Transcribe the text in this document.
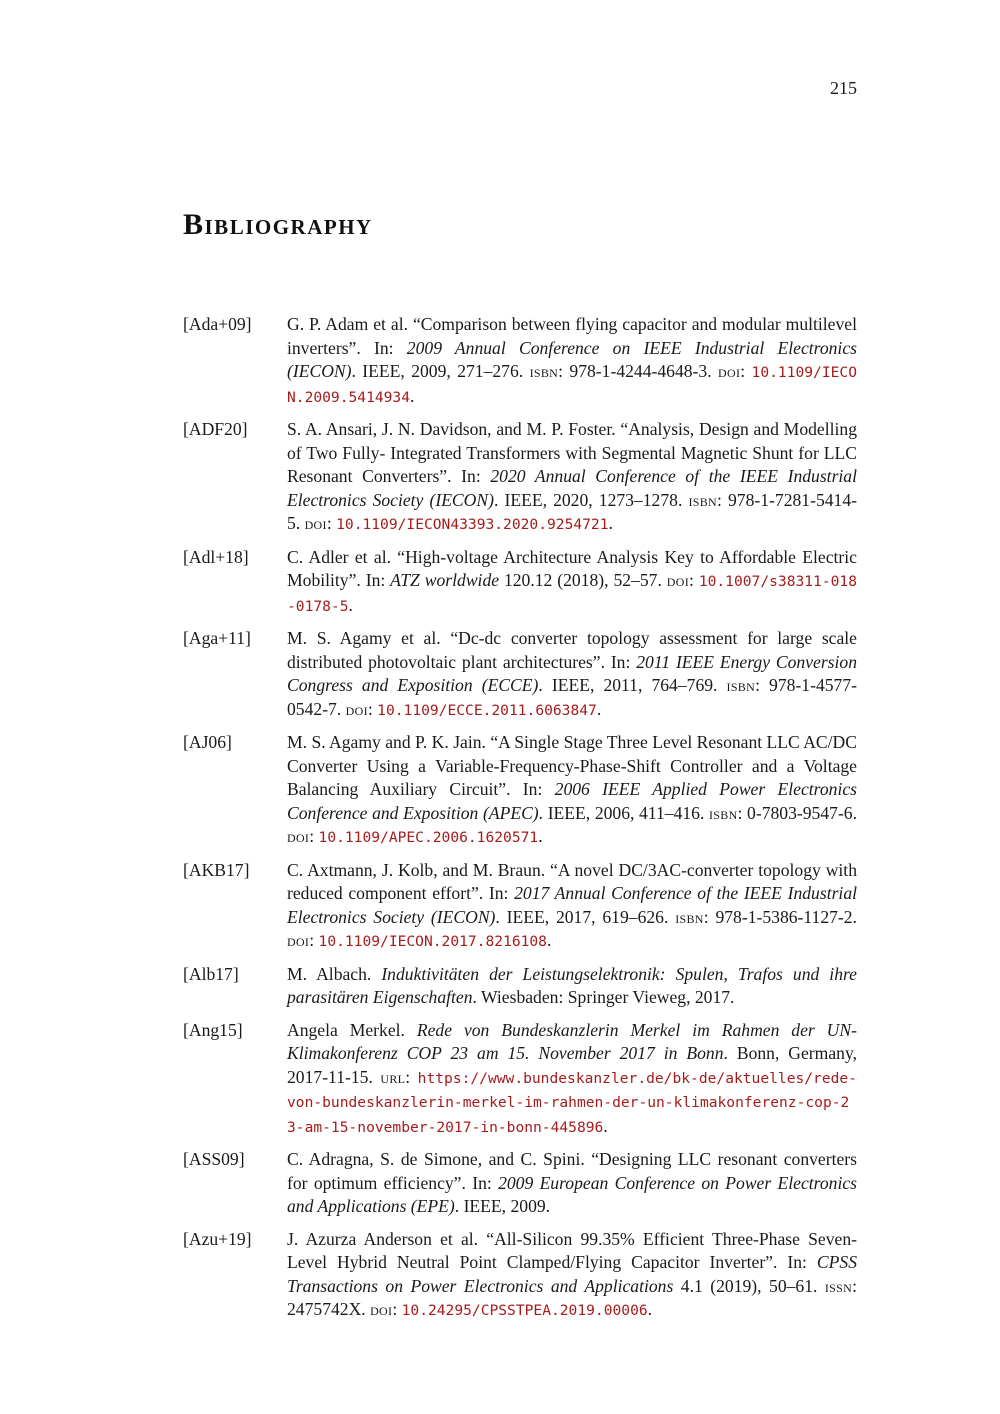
215
Bibliography
[Ada+09]	G. P. Adam et al. “Comparison between flying capacitor and modular multilevel inverters”. In: 2009 Annual Conference on IEEE Industrial Electronics (IECON). IEEE, 2009, 271–276. isbn: 978-1-4244-4648-3. doi: 10.1109/IECON.2009.5414934.
[ADF20]	S. A. Ansari, J. N. Davidson, and M. P. Foster. “Analysis, Design and Modelling of Two Fully- Integrated Transformers with Segmental Magnetic Shunt for LLC Resonant Converters”. In: 2020 Annual Conference of the IEEE Industrial Electronics Society (IECON). IEEE, 2020, 1273–1278. isbn: 978-1-7281-5414-5. doi: 10.1109/IECON43393.2020.9254721.
[Adl+18]	C. Adler et al. “High-voltage Architecture Analysis Key to Affordable Electric Mobility”. In: ATZ worldwide 120.12 (2018), 52–57. doi: 10.1007/s38311-018-0178-5.
[Aga+11]	M. S. Agamy et al. “Dc-dc converter topology assessment for large scale distributed photovoltaic plant architectures”. In: 2011 IEEE Energy Conversion Congress and Exposition (ECCE). IEEE, 2011, 764–769. isbn: 978-1-4577-0542-7. doi: 10.1109/ECCE.2011.6063847.
[AJ06]	M. S. Agamy and P. K. Jain. “A Single Stage Three Level Resonant LLC AC/DC Converter Using a Variable-Frequency-Phase-Shift Controller and a Voltage Balancing Auxiliary Circuit”. In: 2006 IEEE Applied Power Electronics Conference and Exposition (APEC). IEEE, 2006, 411–416. isbn: 0-7803-9547-6. doi: 10.1109/APEC.2006.1620571.
[AKB17]	C. Axtmann, J. Kolb, and M. Braun. “A novel DC/3AC-converter topology with reduced component effort”. In: 2017 Annual Conference of the IEEE Industrial Electronics Society (IECON). IEEE, 2017, 619–626. isbn: 978-1-5386-1127-2. doi: 10.1109/IECON.2017.8216108.
[Alb17]	M. Albach. Induktivitäten der Leistungselektronik: Spulen, Trafos und ihre parasitären Eigenschaften. Wiesbaden: Springer Vieweg, 2017.
[Ang15]	Angela Merkel. Rede von Bundeskanzlerin Merkel im Rahmen der UN-Klimakonferenz COP 23 am 15. November 2017 in Bonn. Bonn, Germany, 2017-11-15. url: https://www.bundeskanzler.de/bk-de/aktuelles/rede-von-bundeskanzlerin-merkel-im-rahmen-der-un-klimakonferenz-cop-23-am-15-november-2017-in-bonn-445896.
[ASS09]	C. Adragna, S. de Simone, and C. Spini. “Designing LLC resonant converters for optimum efficiency”. In: 2009 European Conference on Power Electronics and Applications (EPE). IEEE, 2009.
[Azu+19]	J. Azurza Anderson et al. “All-Silicon 99.35% Efficient Three-Phase Seven-Level Hybrid Neutral Point Clamped/Flying Capacitor Inverter”. In: CPSS Transactions on Power Electronics and Applications 4.1 (2019), 50–61. issn: 2475742X. doi: 10.24295/CPSSTPEA.2019.00006.
